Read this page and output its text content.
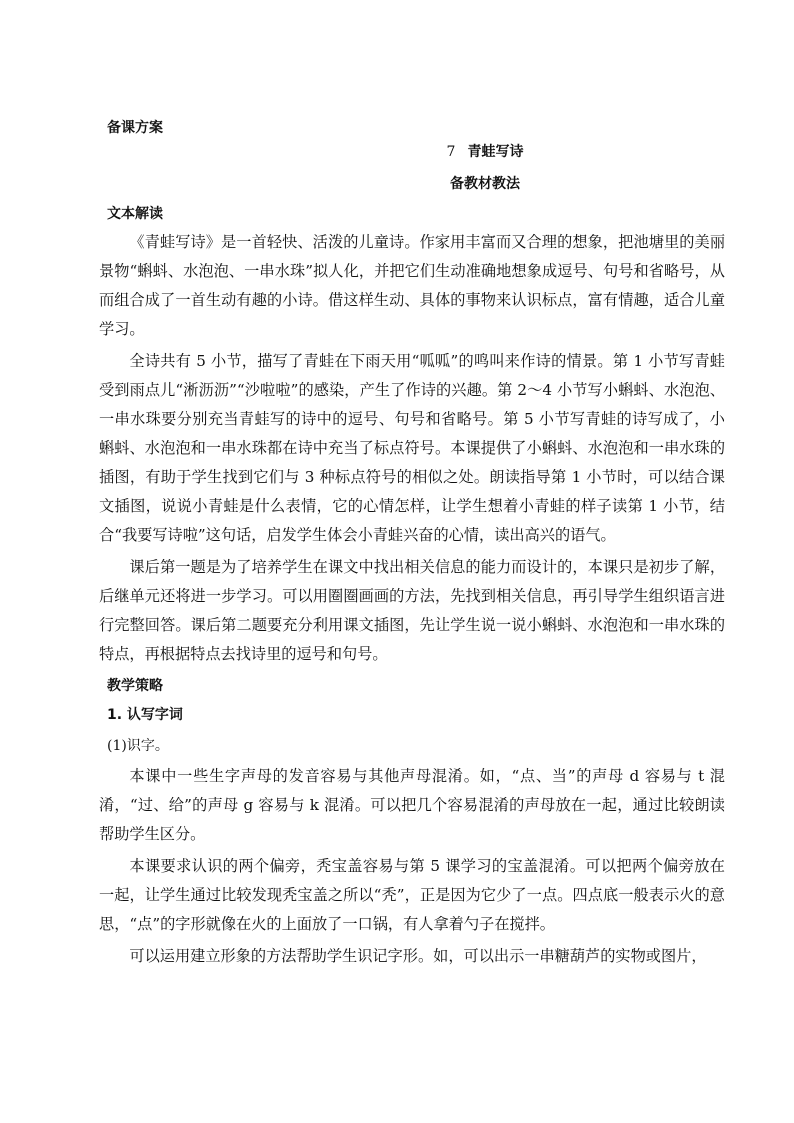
备课方案
7 青蛙写诗
备教材教法
文本解读

《青蛙写诗》是一首轻快、活泼的儿童诗。作家用丰富而又合理的想象，把池塘里的美丽景物“蝌蚪、水泡泡、一串水珠”拟人化，并把它们生动准确地想象成逗号、句号和省略号，从而组合成了一首生动有趣的小诗。借这样生动、具体的事物来认识标点，富有情趣，适合儿童学习。

全诗共有 5 小节，描写了青蛙在下雨天用“呱呱”的鸣叫来作诗的情景。第 1 小节写青蛙受到雨点儿“淅沥沥”“沙啦啦”的感染，产生了作诗的兴趣。第 2～4 小节写小蝌蚪、水泡泡、一串水珠要分别充当青蛙写的诗中的逗号、句号和省略号。第 5 小节写青蛙的诗写成了，小蝌蚪、水泡泡和一串水珠都在诗中充当了标点符号。本课提供了小蝌蚪、水泡泡和一串水珠的插图，有助于学生找到它们与 3 种标点符号的相似之处。朗读指导第 1 小节时，可以结合课文插图，说说小青蛙是什么表情，它的心情怎样，让学生想着小青蛙的样子读第 1 小节，结合“我要写诗啦”这句话，启发学生体会小青蛙兴奋的心情，读出高兴的语气。

课后第一题是为了培养学生在课文中找出相关信息的能力而设计的，本课只是初步了解，后继单元还将进一步学习。可以用圈圈画画的方法，先找到相关信息，再引导学生组织语言进行完整回答。课后第二题要充分利用课文插图，先让学生说一说小蝌蚪、水泡泡和一串水珠的特点，再根据特点去找诗里的逗号和句号。

教学策略
1. 认写字词
(1)识字。

本课中一些生字声母的发音容易与其他声母混淆。如，“点、当”的声母 d 容易与 t 混淆，“过、给”的声母 g 容易与 k 混淆。可以把几个容易混淆的声母放在一起，通过比较朗读帮助学生区分。

本课要求认识的两个偏旁，秃宝盖容易与第 5 课学习的宝盖混淆。可以把两个偏旁放在一起，让学生通过比较发现秃宝盖之所以“秃”，正是因为它少了一点。四点底一般表示火的意思，“点”的字形就像在火的上面放了一口锅，有人拿着勺子在搅拌。

可以运用建立形象的方法帮助学生识记字形。如，可以出示一串糖葫芦的实物或图片，
